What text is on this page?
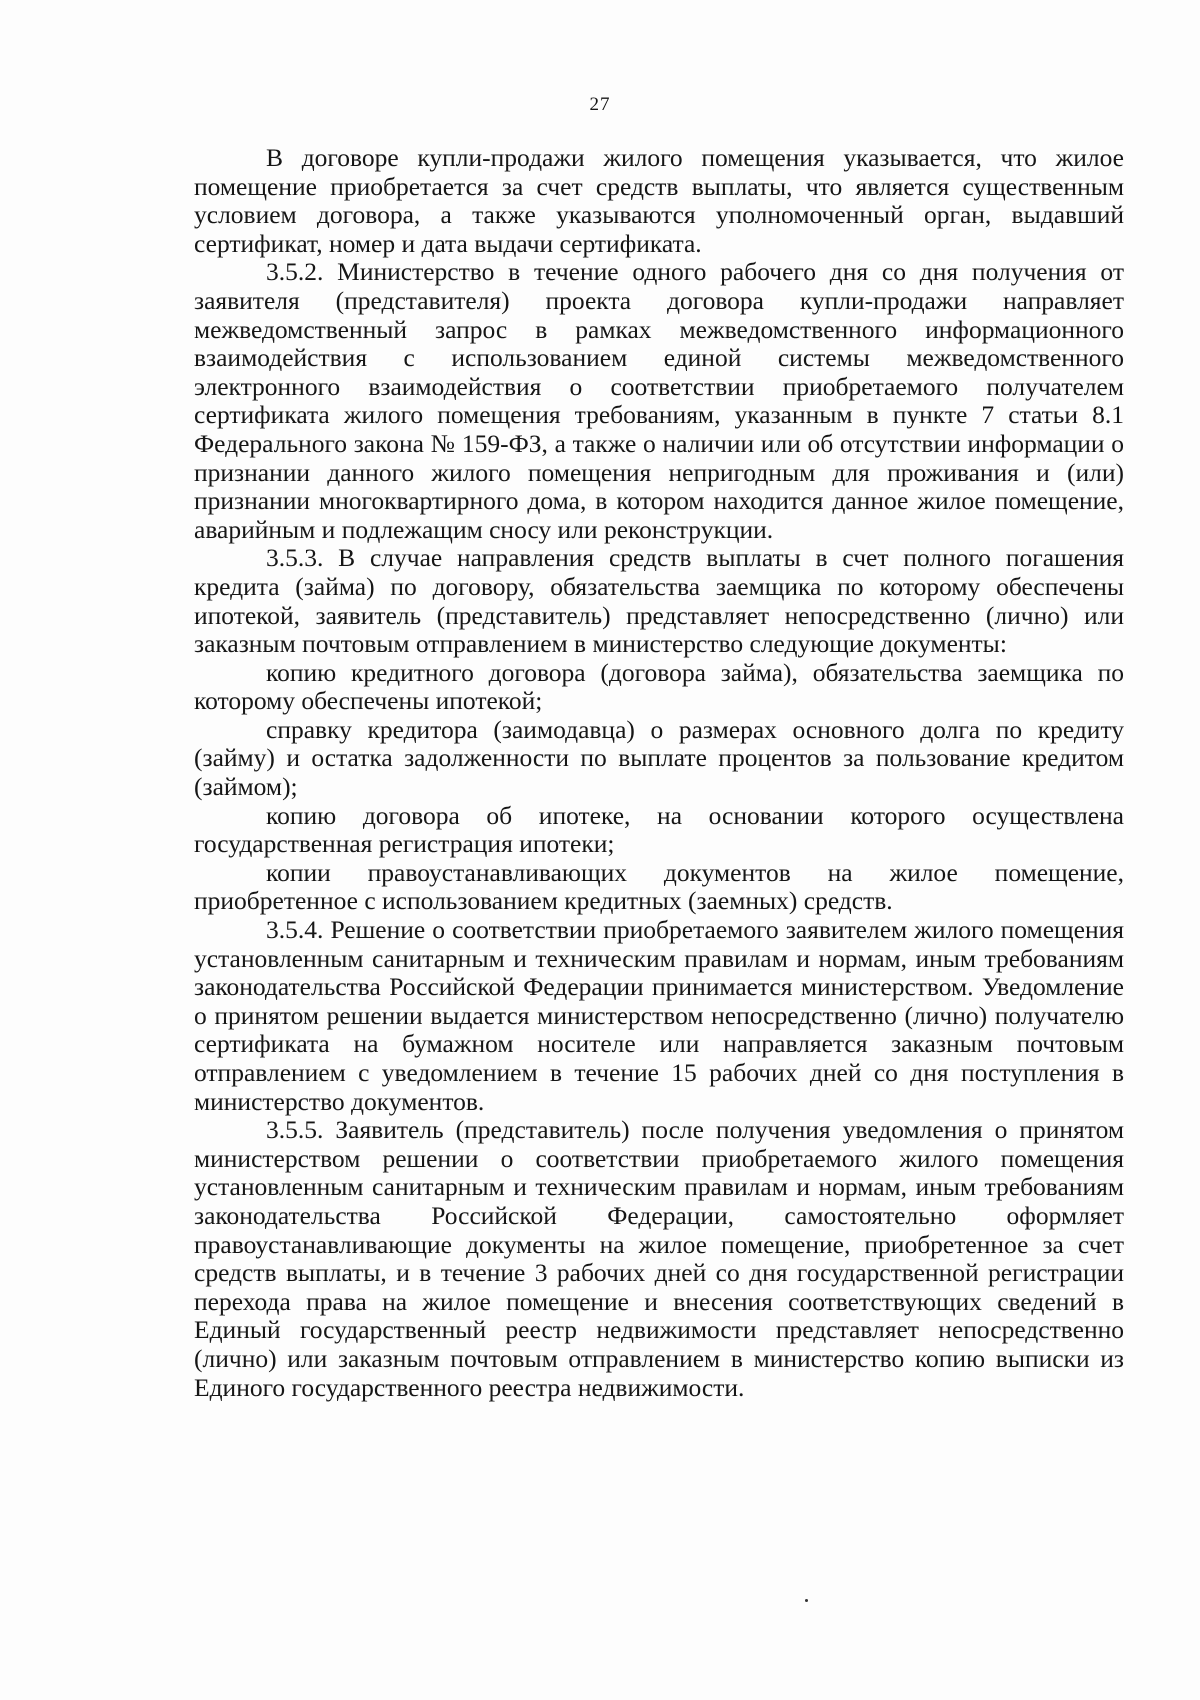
27

В договоре купли-продажи жилого помещения указывается, что жилое помещение приобретается за счет средств выплаты, что является существенным условием договора, а также указываются уполномоченный орган, выдавший сертификат, номер и дата выдачи сертификата.

3.5.2. Министерство в течение одного рабочего дня со дня получения от заявителя (представителя) проекта договора купли-продажи направляет межведомственный запрос в рамках межведомственного информационного взаимодействия с использованием единой системы межведомственного электронного взаимодействия о соответствии приобретаемого получателем сертификата жилого помещения требованиям, указанным в пункте 7 статьи 8.1 Федерального закона № 159-ФЗ, а также о наличии или об отсутствии информации о признании данного жилого помещения непригодным для проживания и (или) признании многоквартирного дома, в котором находится данное жилое помещение, аварийным и подлежащим сносу или реконструкции.

3.5.3. В случае направления средств выплаты в счет полного погашения кредита (займа) по договору, обязательства заемщика по которому обеспечены ипотекой, заявитель (представитель) представляет непосредственно (лично) или заказным почтовым отправлением в министерство следующие документы:

копию кредитного договора (договора займа), обязательства заемщика по которому обеспечены ипотекой;

справку кредитора (заимодавца) о размерах основного долга по кредиту (займу) и остатка задолженности по выплате процентов за пользование кредитом (займом);

копию договора об ипотеке, на основании которого осуществлена государственная регистрация ипотеки;

копии правоустанавливающих документов на жилое помещение, приобретенное с использованием кредитных (заемных) средств.

3.5.4. Решение о соответствии приобретаемого заявителем жилого помещения установленным санитарным и техническим правилам и нормам, иным требованиям законодательства Российской Федерации принимается министерством. Уведомление о принятом решении выдается министерством непосредственно (лично) получателю сертификата на бумажном носителе или направляется заказным почтовым отправлением с уведомлением в течение 15 рабочих дней со дня поступления в министерство документов.

3.5.5. Заявитель (представитель) после получения уведомления о принятом министерством решении о соответствии приобретаемого жилого помещения установленным санитарным и техническим правилам и нормам, иным требованиям законодательства Российской Федерации, самостоятельно оформляет правоустанавливающие документы на жилое помещение, приобретенное за счет средств выплаты, и в течение 3 рабочих дней со дня государственной регистрации перехода права на жилое помещение и внесения соответствующих сведений в Единый государственный реестр недвижимости представляет непосредственно (лично) или заказным почтовым отправлением в министерство копию выписки из Единого государственного реестра недвижимости.
